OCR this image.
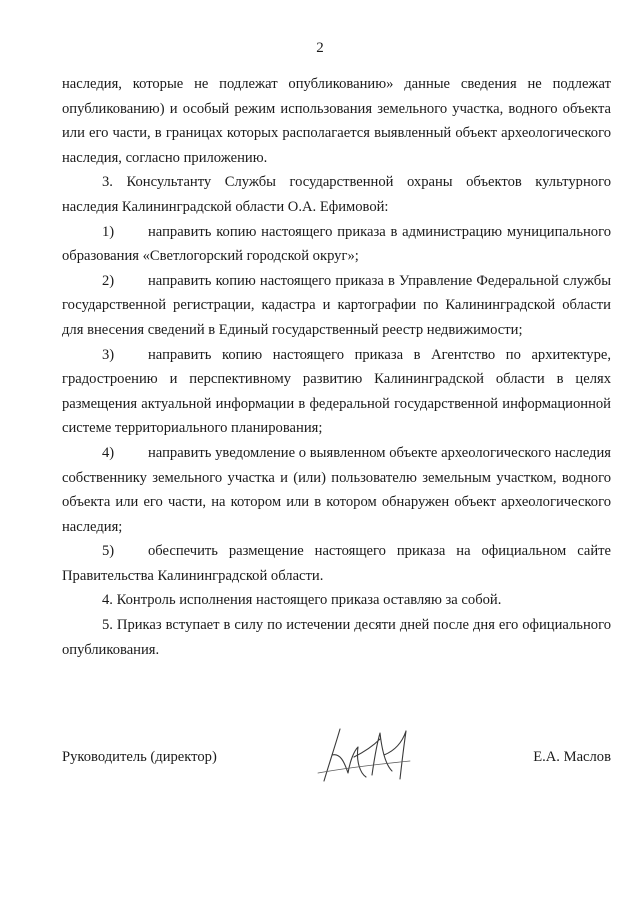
2

наследия, которые не подлежат опубликованию» данные сведения не подлежат опубликованию) и особый режим использования земельного участка, водного объекта или его части, в границах которых располагается выявленный объект археологического наследия, согласно приложению.

3. Консультанту Службы государственной охраны объектов культурного наследия Калининградской области О.А. Ефимовой:

1) направить копию настоящего приказа в администрацию муниципального образования «Светлогорский городской округ»;

2) направить копию настоящего приказа в Управление Федеральной службы государственной регистрации, кадастра и картографии по Калининградской области для внесения сведений в Единый государственный реестр недвижимости;

3) направить копию настоящего приказа в Агентство по архитектуре, градостроению и перспективному развитию Калининградской области в целях размещения актуальной информации в федеральной государственной информационной системе территориального планирования;

4) направить уведомление о выявленном объекте археологического наследия собственнику земельного участка и (или) пользователю земельным участком, водного объекта или его части, на котором или в котором обнаружен объект археологического наследия;

5) обеспечить размещение настоящего приказа на официальном сайте Правительства Калининградской области.

4. Контроль исполнения настоящего приказа оставляю за собой.

5. Приказ вступает в силу по истечении десяти дней после дня его официального опубликования.

Руководитель (директор)	Е.А. Маслов
